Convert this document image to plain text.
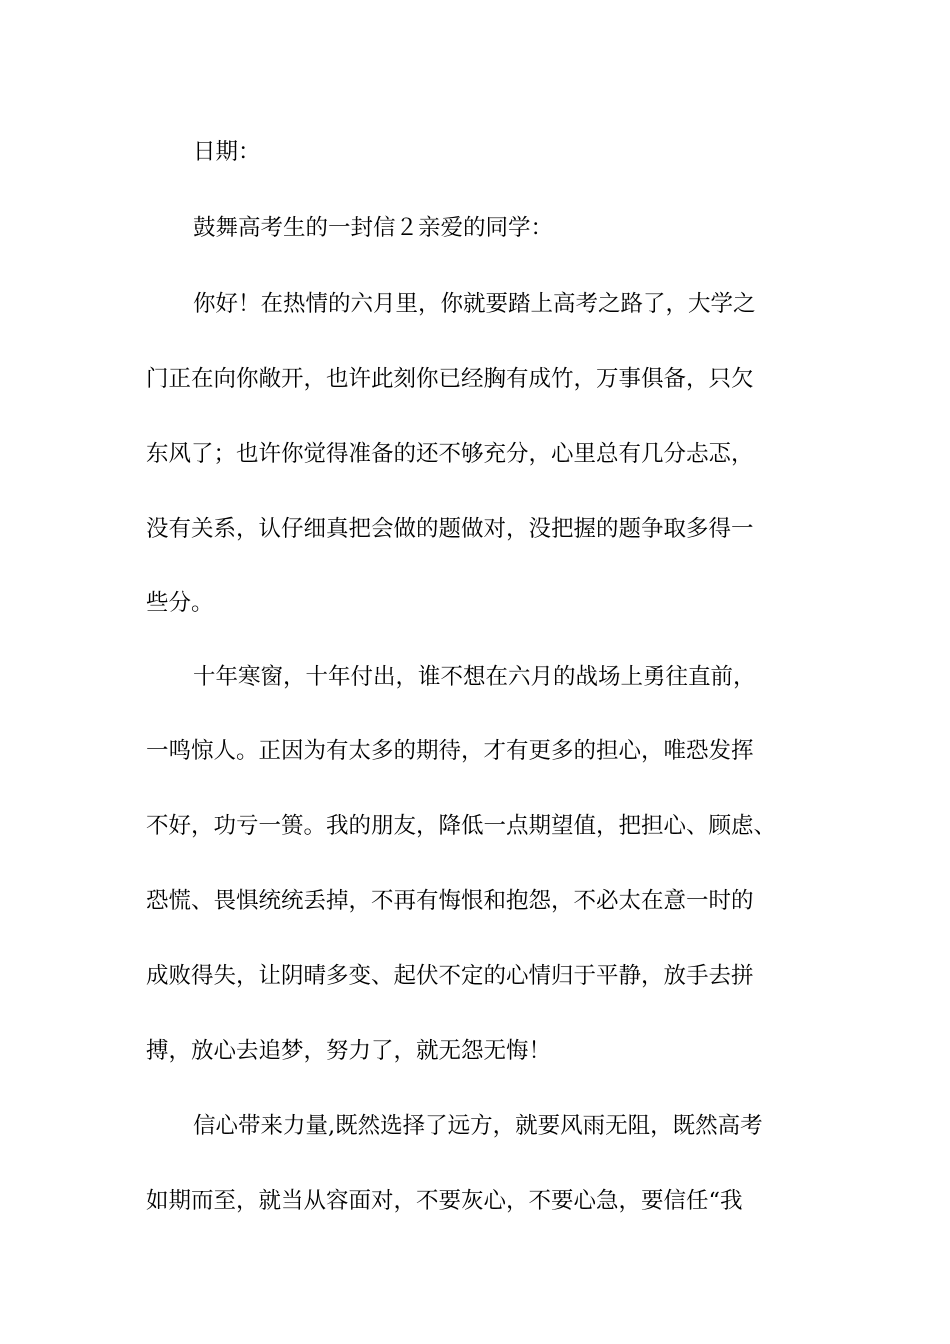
日期：
鼓舞高考生的一封信２亲爱的同学：
你好！在热情的六月里，你就要踏上高考之路了，大学之
门正在向你敞开，也许此刻你已经胸有成竹，万事俱备，只欠
东风了；也许你觉得准备的还不够充分，心里总有几分忐忑，
没有关系，认仔细真把会做的题做对，没把握的题争取多得一
些分。
十年寒窗，十年付出，谁不想在六月的战场上勇往直前，
一鸣惊人。正因为有太多的期待，才有更多的担心，唯恐发挥
不好，功亏一篑。我的朋友，降低一点期望值，把担心、顾虑、
恐慌、畏惧统统丢掉，不再有悔恨和抱怨，不必太在意一时的
成败得失，让阴晴多变、起伏不定的心情归于平静，放手去拼
搏，放心去追梦，努力了，就无怨无悔！
信心带来力量,既然选择了远方，就要风雨无阻，既然高考
如期而至，就当从容面对，不要灰心，不要心急，要信任“我
